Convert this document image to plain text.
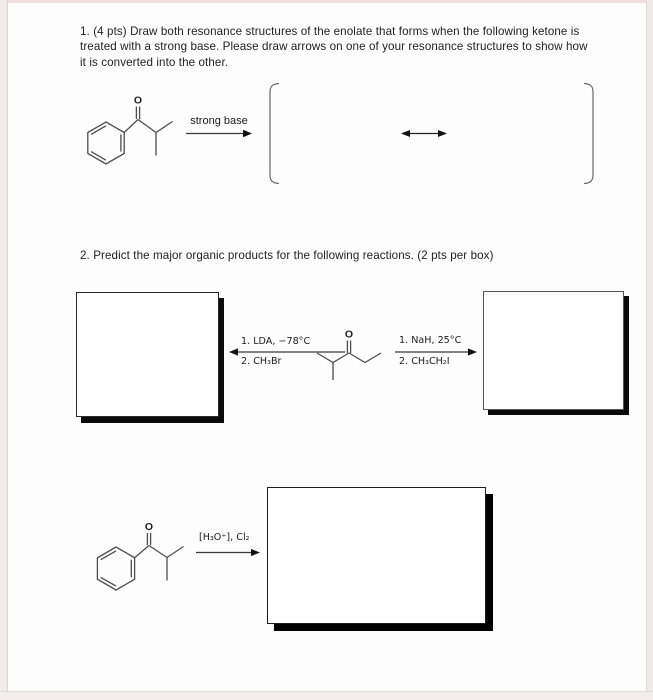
1. (4 pts) Draw both resonance structures of the enolate that forms when the following ketone is
treated with a strong base. Please draw arrows on one of your resonance structures to show how
it is converted into the other.
2. Predict the major organic products for the following reactions. (2 pts per box)
strong base
1. LDA, −78°C
2. CH₃Br
1. NaH, 25°C
2. CH₃CH₂I
[H₃O⁺], Cl₂
O
O
O
